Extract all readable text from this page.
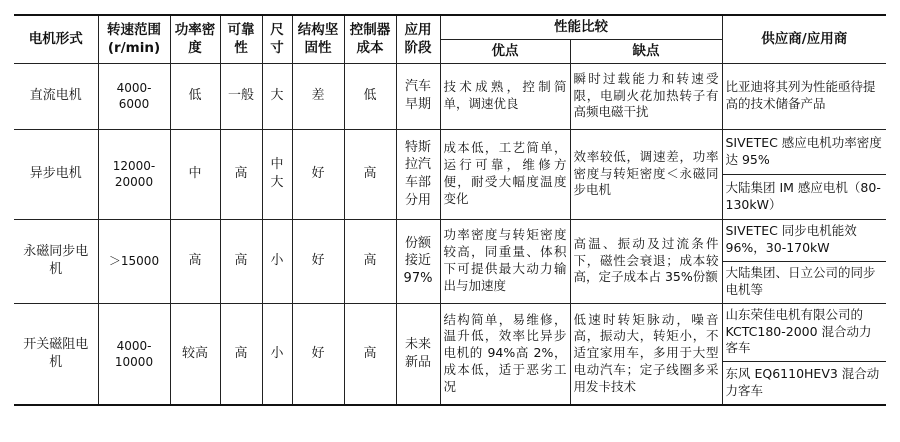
电机形式	转速范围 (r/min)	功率密度	可靠性	尺寸	结构坚固性	控制器成本	应用阶段	性能比较		供应商/应用商
								优点	缺点	
直流电机	4000-6000	低	一般	大	差	低	汽车早期	技术成熟，控制简单，调速优良	瞬时过载能力和转速受限，电刷火花加热转子有高频电磁干扰	比亚迪将其列为性能亟待提高的技术储备产品
异步电机	12000-20000	中	高	中大	好	高	特斯拉汽车部分用	成本低，工艺简单，运行可靠，维修方便，耐受大幅度温度变化	效率较低，调速差，功率密度与转矩密度＜永磁同步电机	SIVETEC 感应电机功率密度达 95%
										大陆集团 IM 感应电机（80-130kW）
永磁同步电机	＞15000	高	高	小	好	高	份额接近 97%	功率密度与转矩密度较高，同重量、体积下可提供最大动力输出与加速度	高温、振动及过流条件下，磁性会衰退；成本较高，定子成本占 35%份额	SIVETEC 同步电机能效 96%，30-170kW
										大陆集团、日立公司的同步电机等
开关磁阻电机	4000-10000	较高	高	小	好	高	未来新品	结构简单，易维修，温升低，效率比异步电机的 94%高 2%，成本低，适于恶劣工况	低速时转矩脉动，噪音高，振动大，转矩小，不适宜家用车，多用于大型电动汽车；定子线圈多采用发卡技术	山东荣佳电机有限公司的 KCTC180-2000 混合动力客车
										东风 EQ6110HEV3 混合动力客车
